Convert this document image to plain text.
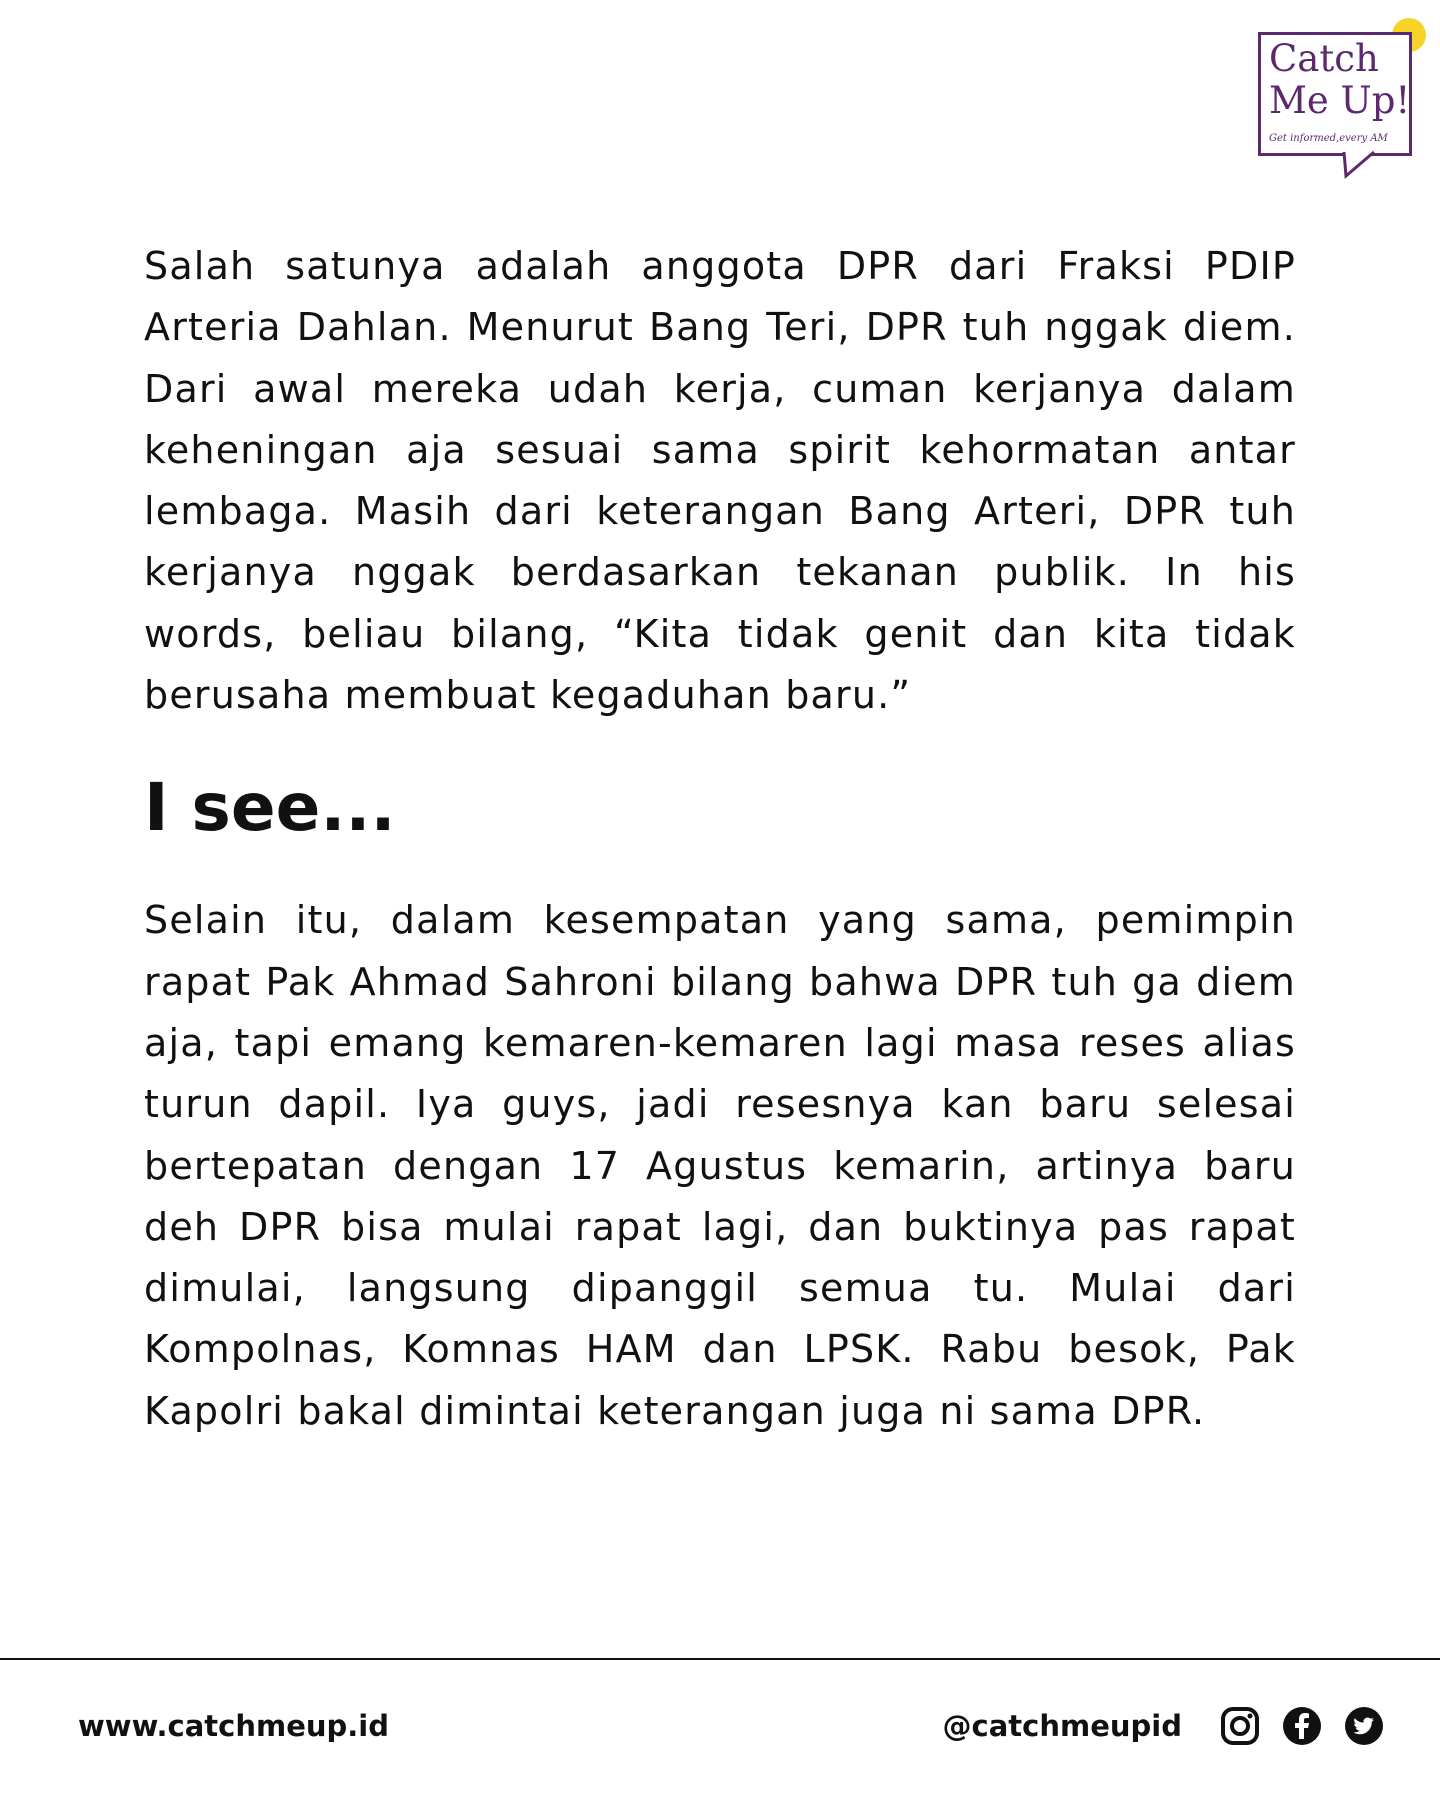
Catch
Me Up!
Get informed,every AM

Salah satunya adalah anggota DPR dari Fraksi PDIP Arteria Dahlan. Menurut Bang Teri, DPR tuh nggak diem. Dari awal mereka udah kerja, cuman kerjanya dalam keheningan aja sesuai sama spirit kehormatan antar lembaga. Masih dari keterangan Bang Arteri, DPR tuh kerjanya nggak berdasarkan tekanan publik. In his words, beliau bilang, “Kita tidak genit dan kita tidak berusaha membuat kegaduhan baru.”

I see...

Selain itu, dalam kesempatan yang sama, pemimpin rapat Pak Ahmad Sahroni bilang bahwa DPR tuh ga diem aja, tapi emang kemaren-kemaren lagi masa reses alias turun dapil. Iya guys, jadi resesnya kan baru selesai bertepatan dengan 17 Agustus kemarin, artinya baru deh DPR bisa mulai rapat lagi, dan buktinya pas rapat dimulai, langsung dipanggil semua tu. Mulai dari Kompolnas, Komnas HAM dan LPSK. Rabu besok, Pak Kapolri bakal dimintai keterangan juga ni sama DPR.

www.catchmeup.id	@catchmeupid
